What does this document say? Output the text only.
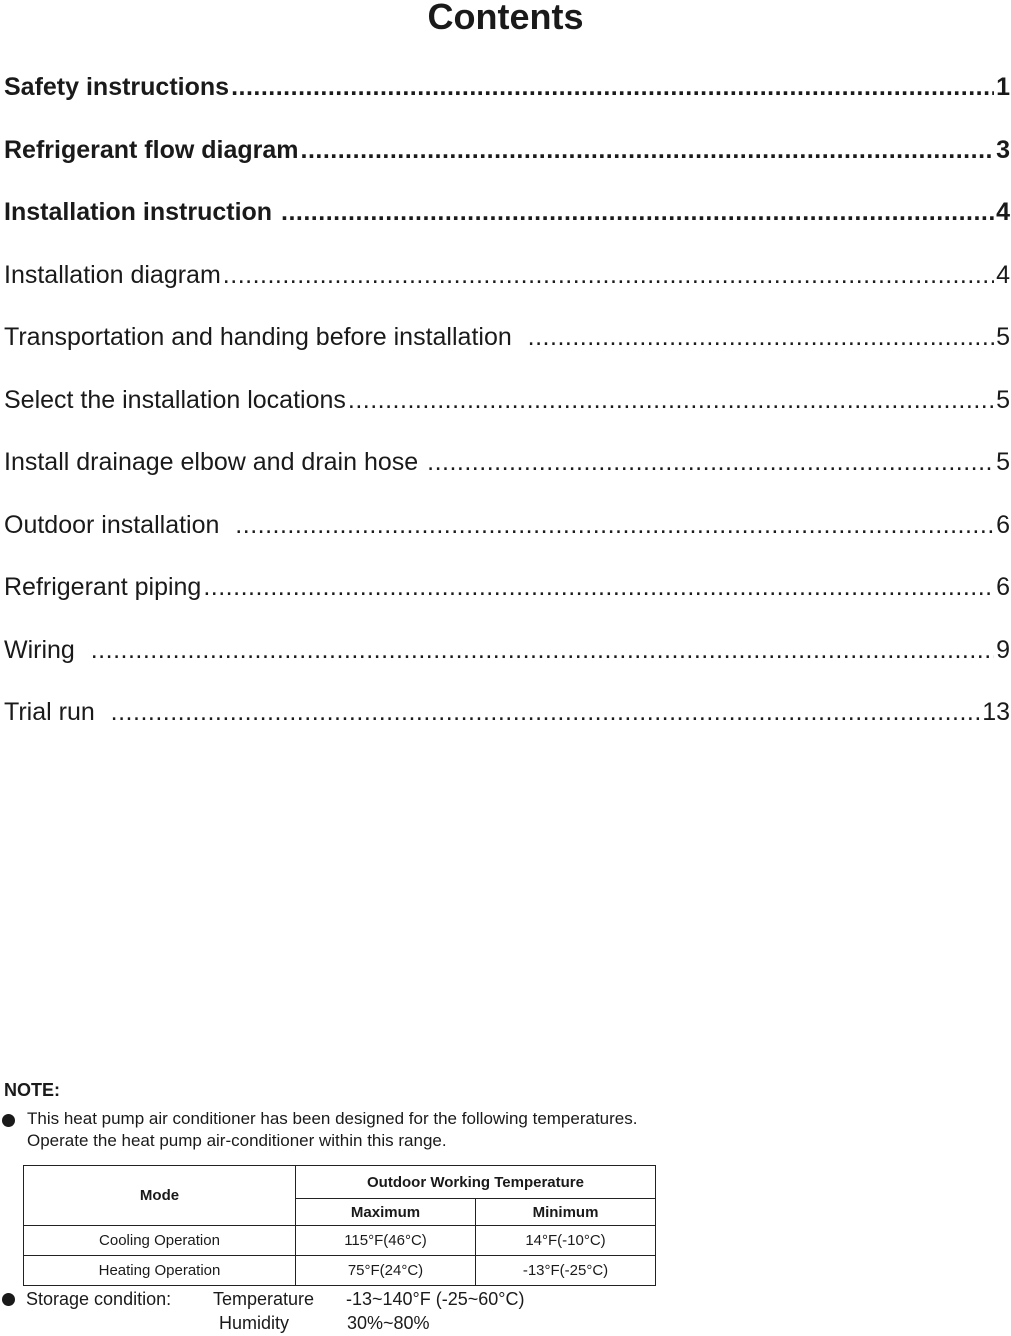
Contents
Safety instructions .....	1
Refrigerant flow diagram .....	3
Installation instruction .....	4
Installation diagram .....	4
Transportation and handing before installation .....	5
Select the installation locations .....	5
Install drainage elbow and drain hose .....	5
Outdoor installation .....	6
Refrigerant piping .....	6
Wiring .....	9
Trial run .....	13
NOTE:
This heat pump air conditioner has been designed for the following temperatures.
Operate the heat pump air-conditioner within this range.
Mode	Outdoor Working Temperature	
	Maximum	Minimum
Cooling Operation	115°F(46°C)	14°F(-10°C)
Heating Operation	75°F(24°C)	-13°F(-25°C)
Storage condition: Temperature -13~140°F (-25~60°C)
Humidity	30%~80%
